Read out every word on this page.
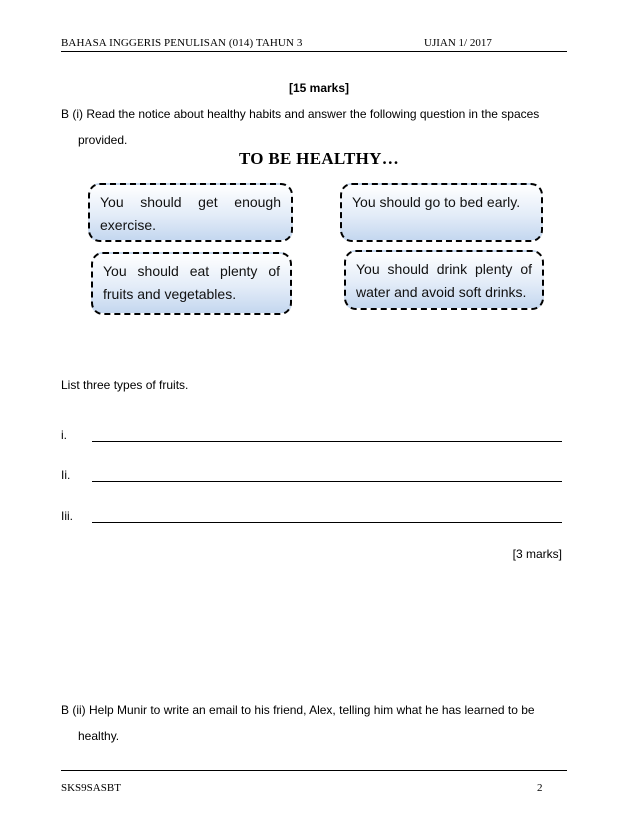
BAHASA INGGERIS PENULISAN (014) TAHUN 3	UJIAN 1/ 2017
[15 marks]
B (i) Read the notice about healthy habits and answer the following question in the spaces
provided.
TO BE HEALTHY…
You should get enough exercise.
You should go to bed early.
You should eat plenty of fruits and vegetables.
You should drink plenty of water and avoid soft drinks.
List three types of fruits.
i.
Ii.
Iii.
[3 marks]
B (ii) Help Munir to write an email to his friend, Alex, telling him what he has learned to be
healthy.
SKS9SASBT	2
